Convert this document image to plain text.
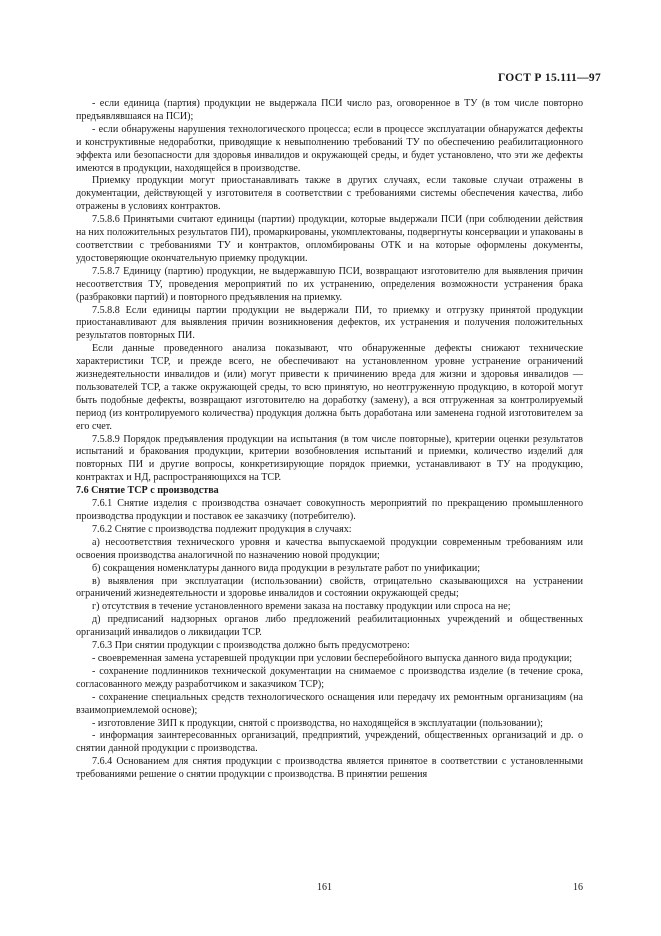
ГОСТ Р 15.111—97

- если единица (партия) продукции не выдержала ПСИ число раз, оговоренное в ТУ (в том числе повторно предъявлявшаяся на ПСИ);

- если обнаружены нарушения технологического процесса; если в процессе эксплуатации обнаружатся дефекты и конструктивные недоработки, приводящие к невыполнению требований ТУ по обеспечению реабилитационного эффекта или безопасности для здоровья инвалидов и окружающей среды, и будет установлено, что эти же дефекты имеются в продукции, находящейся в производстве.

Приемку продукции могут приостанавливать также в других случаях, если таковые случаи отражены в документации, действующей у изготовителя в соответствии с требованиями системы обеспечения качества, либо отражены в условиях контрактов.

7.5.8.6 Принятыми считают единицы (партии) продукции, которые выдержали ПСИ (при соблюдении действия на них положительных результатов ПИ), промаркированы, укомплектованы, подвергнуты консервации и упакованы в соответствии с требованиями ТУ и контрактов, опломбированы ОТК и на которые оформлены документы, удостоверяющие окончательную приемку продукции.

7.5.8.7 Единицу (партию) продукции, не выдержавшую ПСИ, возвращают изготовителю для выявления причин несоответствия ТУ, проведения мероприятий по их устранению, определения возможности устранения брака (разбраковки партий) и повторного предъявления на приемку.

7.5.8.8 Если единицы партии продукции не выдержали ПИ, то приемку и отгрузку принятой продукции приостанавливают для выявления причин возникновения дефектов, их устранения и получения положительных результатов повторных ПИ.

Если данные проведенного анализа показывают, что обнаруженные дефекты снижают технические характеристики ТСР, и прежде всего, не обеспечивают на установленном уровне устранение ограничений жизнедеятельности инвалидов и (или) могут привести к причинению вреда для жизни и здоровья инвалидов — пользователей ТСР, а также окружающей среды, то всю принятую, но неотгруженную продукцию, в которой могут быть подобные дефекты, возвращают изготовителю на доработку (замену), а вся отгруженная за контролируемый период (из контролируемого количества) продукция должна быть доработана или заменена годной изготовителем за его счет.

7.5.8.9 Порядок предъявления продукции на испытания (в том числе повторные), критерии оценки результатов испытаний и бракования продукции, критерии возобновления испытаний и приемки, количество изделий для повторных ПИ и другие вопросы, конкретизирующие порядок приемки, устанавливают в ТУ на продукцию, контрактах и НД, распространяющихся на ТСР.

7.6 Снятие ТСР с производства

7.6.1 Снятие изделия с производства означает совокупность мероприятий по прекращению промышленного производства продукции и поставок ее заказчику (потребителю).

7.6.2 Снятие с производства подлежит продукция в случаях:

а) несоответствия технического уровня и качества выпускаемой продукции современным требованиям или освоения производства аналогичной по назначению новой продукции;

б) сокращения номенклатуры данного вида продукции в результате работ по унификации;

в) выявления при эксплуатации (использовании) свойств, отрицательно сказывающихся на устранении ограничений жизнедеятельности и здоровье инвалидов и состоянии окружающей среды;

г) отсутствия в течение установленного времени заказа на поставку продукции или спроса на не;

д) предписаний надзорных органов либо предложений реабилитационных учреждений и общественных организаций инвалидов о ликвидации ТСР.

7.6.3 При снятии продукции с производства должно быть предусмотрено:

- своевременная замена устаревшей продукции при условии бесперебойного выпуска данного вида продукции;

- сохранение подлинников технической документации на снимаемое с производства изделие (в течение срока, согласованного между разработчиком и заказчиком ТСР);

- сохранение специальных средств технологического оснащения или передачу их ремонтным организациям (на взаимоприемлемой основе);

- изготовление ЗИП к продукции, снятой с производства, но находящейся в эксплуатации (пользовании);

- информация заинтересованных организаций, предприятий, учреждений, общественных организаций и др. о снятии данной продукции с производства.

7.6.4 Основанием для снятия продукции с производства является принятое в соответствии с установленными требованиями решение о снятии продукции с производства. В принятии решения

161	16
